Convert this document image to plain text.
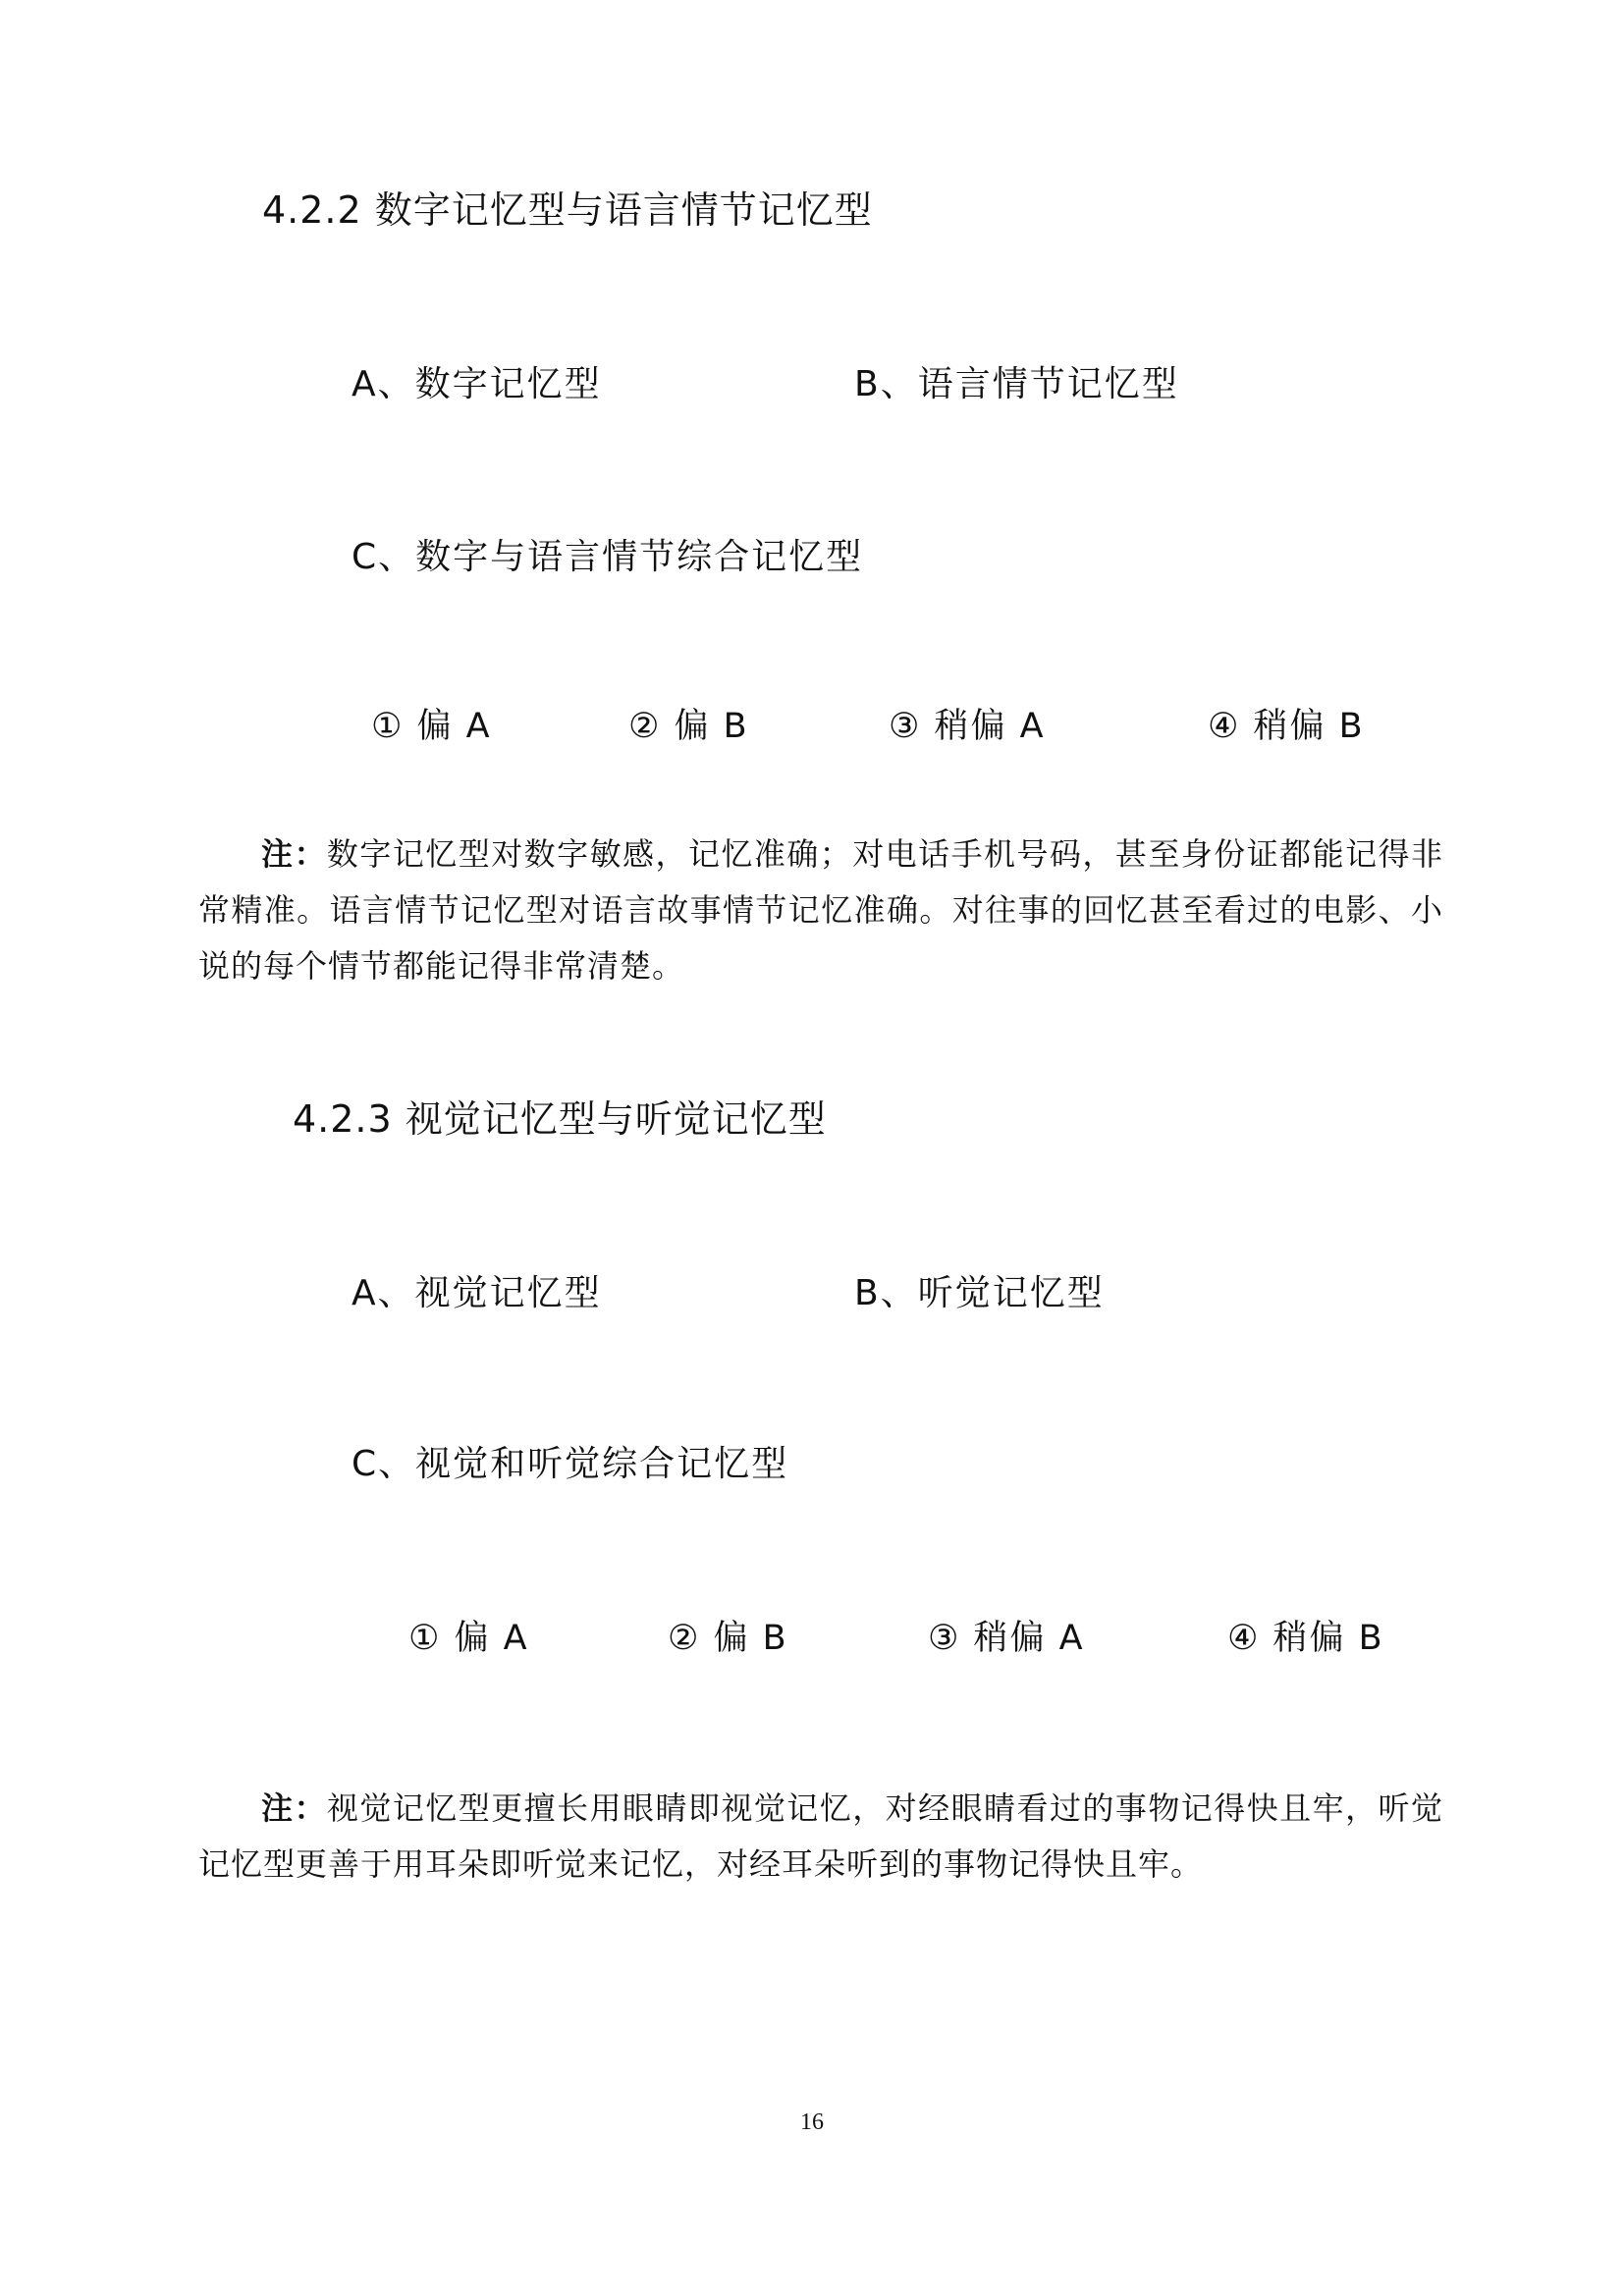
4.2.2 数字记忆型与语言情节记忆型
A、数字记忆型	B、语言情节记忆型
C、数字与语言情节综合记忆型
① 偏 A	② 偏 B	③ 稍偏 A	④ 稍偏 B

注：数字记忆型对数字敏感，记忆准确；对电话手机号码，甚至身份证都能记得非常精准。语言情节记忆型对语言故事情节记忆准确。对往事的回忆甚至看过的电影、小说的每个情节都能记得非常清楚。

4.2.3 视觉记忆型与听觉记忆型
A、视觉记忆型	B、听觉记忆型
C、视觉和听觉综合记忆型
① 偏 A	② 偏 B	③ 稍偏 A	④ 稍偏 B

注：视觉记忆型更擅长用眼睛即视觉记忆，对经眼睛看过的事物记得快且牢，听觉记忆型更善于用耳朵即听觉来记忆，对经耳朵听到的事物记得快且牢。

16
